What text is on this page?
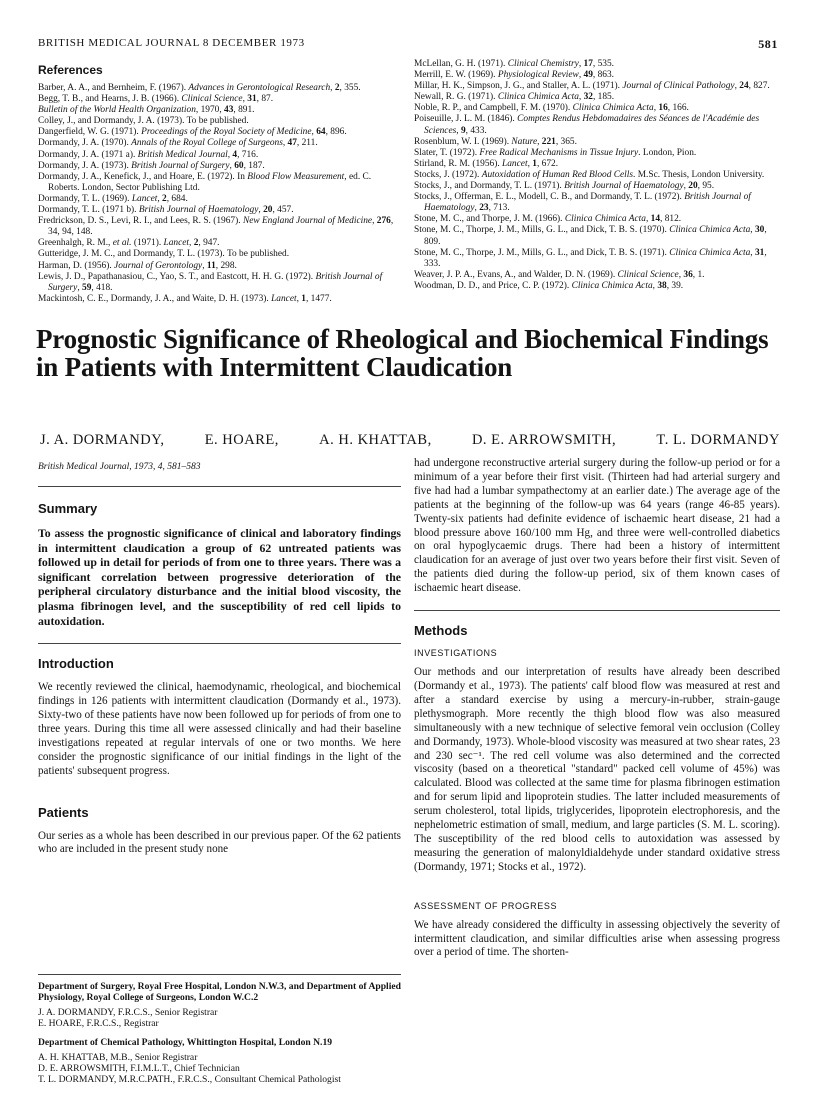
BRITISH MEDICAL JOURNAL 8 DECEMBER 1973	581
References

Barber, A. A., and Bernheim, F. (1967). Advances in Gerontological Research, 2, 355.

Begg, T. B., and Hearns, J. B. (1966). Clinical Science, 31, 87.

Bulletin of the World Health Organization, 1970, 43, 891.

Colley, J., and Dormandy, J. A. (1973). To be published.

Dangerfield, W. G. (1971). Proceedings of the Royal Society of Medicine, 64, 896.

Dormandy, J. A. (1970). Annals of the Royal College of Surgeons, 47, 211.

Dormandy, J. A. (1971 a). British Medical Journal, 4, 716.

Dormandy, J. A. (1973). British Journal of Surgery, 60, 187.

Dormandy, J. A., Kenefick, J., and Hoare, E. (1972). In Blood Flow Measurement, ed. C. Roberts. London, Sector Publishing Ltd.

Dormandy, T. L. (1969). Lancet, 2, 684.

Dormandy, T. L. (1971 b). British Journal of Haematology, 20, 457.

Fredrickson, D. S., Levi, R. I., and Lees, R. S. (1967). New England Journal of Medicine, 276, 34, 94, 148.

Greenhalgh, R. M., et al. (1971). Lancet, 2, 947.

Gutteridge, J. M. C., and Dormandy, T. L. (1973). To be published.

Harman, D. (1956). Journal of Gerontology, 11, 298.

Lewis, J. D., Papathanasiou, C., Yao, S. T., and Eastcott, H. H. G. (1972). British Journal of Surgery, 59, 418.

Mackintosh, C. E., Dormandy, J. A., and Waite, D. H. (1973). Lancet, 1, 1477.

McLellan, G. H. (1971). Clinical Chemistry, 17, 535.

Merrill, E. W. (1969). Physiological Review, 49, 863.

Millar, H. K., Simpson, J. G., and Staller, A. L. (1971). Journal of Clinical Pathology, 24, 827.

Newall, R. G. (1971). Clinica Chimica Acta, 32, 185.

Noble, R. P., and Campbell, F. M. (1970). Clinica Chimica Acta, 16, 166.

Poiseuille, J. L. M. (1846). Comptes Rendus Hebdomadaires des Séances de l'Académie des Sciences, 9, 433.

Rosenblum, W. I. (1969). Nature, 221, 365.

Slater, T. (1972). Free Radical Mechanisms in Tissue Injury. London, Pion.

Stirland, R. M. (1956). Lancet, 1, 672.

Stocks, J. (1972). Autoxidation of Human Red Blood Cells. M.Sc. Thesis, London University.

Stocks, J., and Dormandy, T. L. (1971). British Journal of Haematology, 20, 95.

Stocks, J., Offerman, E. L., Modell, C. B., and Dormandy, T. L. (1972). British Journal of Haematology, 23, 713.

Stone, M. C., and Thorpe, J. M. (1966). Clinica Chimica Acta, 14, 812.

Stone, M. C., Thorpe, J. M., Mills, G. L., and Dick, T. B. S. (1970). Clinica Chimica Acta, 30, 809.

Stone, M. C., Thorpe, J. M., Mills, G. L., and Dick, T. B. S. (1971). Clinica Chimica Acta, 31, 333.

Weaver, J. P. A., Evans, A., and Walder, D. N. (1969). Clinical Science, 36, 1.

Woodman, D. D., and Price, C. P. (1972). Clinica Chimica Acta, 38, 39.

Prognostic Significance of Rheological and Biochemical Findings in Patients with Intermittent Claudication
J. A. DORMANDY,	E. HOARE,	A. H. KHATTAB,	D. E. ARROWSMITH,	T. L. DORMANDY
British Medical Journal, 1973, 4, 581–583
Summary

To assess the prognostic significance of clinical and laboratory findings in intermittent claudication a group of 62 untreated patients was followed up in detail for periods of from one to three years. There was a significant correlation between progressive deterioration of the peripheral circulatory disturbance and the initial blood viscosity, the plasma fibrinogen level, and the susceptibility of red cell lipids to autoxidation.

Introduction

We recently reviewed the clinical, haemodynamic, rheological, and biochemical findings in 126 patients with intermittent claudication (Dormandy et al., 1973). Sixty-two of these patients have now been followed up for periods of from one to three years. During this time all were assessed clinically and had their baseline investigations repeated at regular intervals of one or two months. We here consider the prognostic significance of our initial findings in the light of the patients' subsequent progress.

Patients

Our series as a whole has been described in our previous paper. Of the 62 patients who are included in the present study none

Department of Surgery, Royal Free Hospital, London N.W.3, and Department of Applied Physiology, Royal College of Surgeons, London W.C.2

J. A. DORMANDY, F.R.C.S., Senior Registrar

E. HOARE, F.R.C.S., Registrar

Department of Chemical Pathology, Whittington Hospital, London N.19

A. H. KHATTAB, M.B., Senior Registrar

D. E. ARROWSMITH, F.I.M.L.T., Chief Technician

T. L. DORMANDY, M.R.C.PATH., F.R.C.S., Consultant Chemical Pathologist

had undergone reconstructive arterial surgery during the follow-up period or for a minimum of a year before their first visit. (Thirteen had had arterial surgery and five had had a lumbar sympathectomy at an earlier date.) The average age of the patients at the beginning of the follow-up was 64 years (range 46-85 years). Twenty-six patients had definite evidence of ischaemic heart disease, 21 had a blood pressure above 160/100 mm Hg, and three were well-controlled diabetics on oral hypoglycaemic drugs. There had been a history of intermittent claudication for an average of just over two years before their first visit. Seven of the patients died during the follow-up period, six of them known cases of ischaemic heart disease.

Methods

INVESTIGATIONS

Our methods and our interpretation of results have already been described (Dormandy et al., 1973). The patients' calf blood flow was measured at rest and after a standard exercise by using a mercury-in-rubber, strain-gauge plethysmograph. More recently the thigh blood flow was also measured simultaneously with a new technique of selective femoral vein occlusion (Colley and Dormandy, 1973). Whole-blood viscosity was measured at two shear rates, 23 and 230 sec⁻¹. The red cell volume was also determined and the corrected viscosity (based on a theoretical "standard" packed cell volume of 45%) was calculated. Blood was collected at the same time for plasma fibrinogen estimation and for serum lipid and lipoprotein studies. The latter included measurements of serum cholesterol, total lipids, triglycerides, lipoprotein electrophoresis, and the nephelometric estimation of small, medium, and large particles (S. M. L. scoring). The susceptibility of the red blood cells to autoxidation was assessed by measuring the generation of malonyldialdehyde under standard oxidative stress (Dormandy, 1971; Stocks et al., 1972).

ASSESSMENT OF PROGRESS

We have already considered the difficulty in assessing objectively the severity of intermittent claudication, and similar difficulties arise when assessing progress over a period of time. The shorten-
